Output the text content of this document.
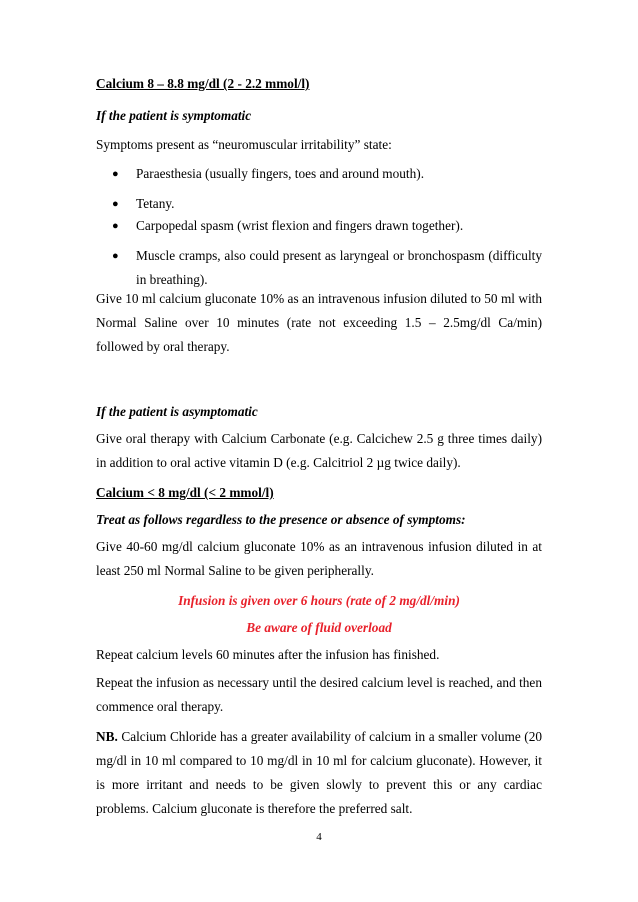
Calcium 8 – 8.8 mg/dl (2 - 2.2 mmol/l)
If the patient is symptomatic
Symptoms present as “neuromuscular irritability” state:
● Paraesthesia (usually fingers, toes and around mouth).
● Tetany.
● Carpopedal spasm (wrist flexion and fingers drawn together).
● Muscle cramps, also could present as laryngeal or bronchospasm (difficulty in breathing).
Give 10 ml calcium gluconate 10% as an intravenous infusion diluted to 50 ml with Normal Saline over 10 minutes (rate not exceeding 1.5 – 2.5mg/dl Ca/min) followed by oral therapy.
If the patient is asymptomatic
Give oral therapy with Calcium Carbonate (e.g. Calcichew 2.5 g three times daily) in addition to oral active vitamin D (e.g. Calcitriol 2 µg twice daily).
Calcium < 8 mg/dl (< 2 mmol/l)
Treat as follows regardless to the presence or absence of symptoms:
Give 40-60 mg/dl calcium gluconate 10% as an intravenous infusion diluted in at least 250 ml Normal Saline to be given peripherally.
Infusion is given over 6 hours (rate of 2 mg/dl/min)
Be aware of fluid overload
Repeat calcium levels 60 minutes after the infusion has finished.
Repeat the infusion as necessary until the desired calcium level is reached, and then commence oral therapy.
NB. Calcium Chloride has a greater availability of calcium in a smaller volume (20 mg/dl in 10 ml compared to 10 mg/dl in 10 ml for calcium gluconate). However, it is more irritant and needs to be given slowly to prevent this or any cardiac problems. Calcium gluconate is therefore the preferred salt.
4
